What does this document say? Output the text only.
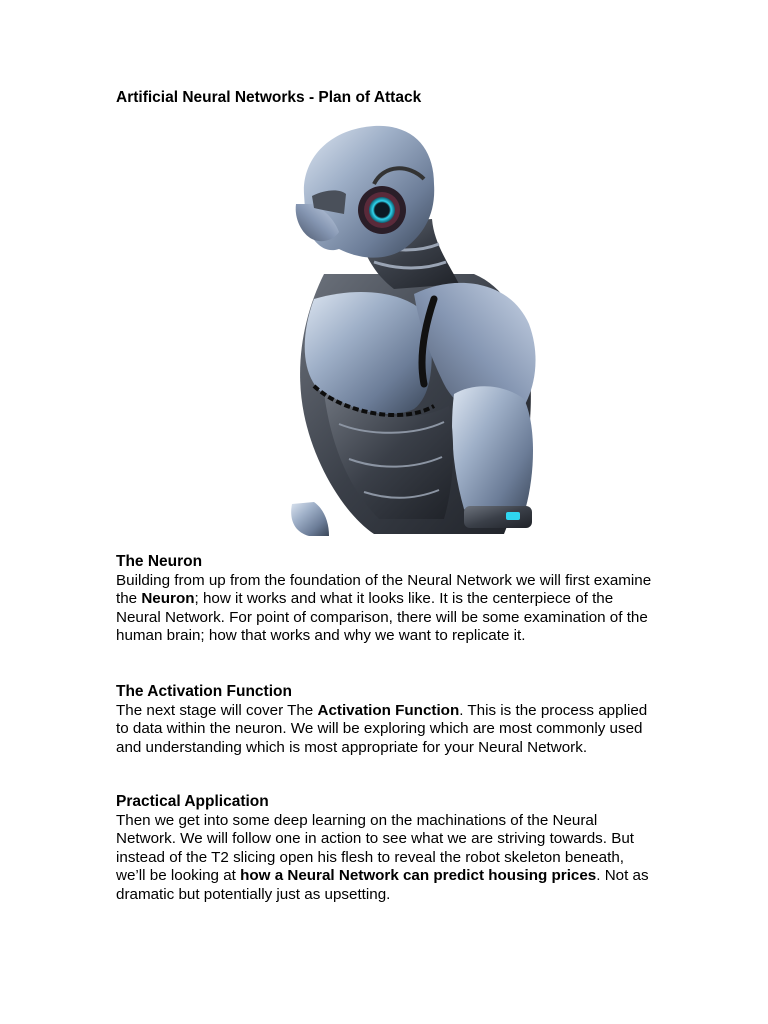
Artificial Neural Networks - Plan of Attack
The Neuron

Building from up from the foundation of the Neural Network we will first examine the Neuron; how it works and what it looks like. It is the centerpiece of the Neural Network. For point of comparison, there will be some examination of the human brain; how that works and why we want to replicate it.

The Activation Function

The next stage will cover The Activation Function. This is the process applied to data within the neuron. We will be exploring which are most commonly used and understanding which is most appropriate for your Neural Network.

Practical Application

Then we get into some deep learning on the machinations of the Neural Network. We will follow one in action to see what we are striving towards. But instead of the T2 slicing open his flesh to reveal the robot skeleton beneath, we’ll be looking at how a Neural Network can predict housing prices. Not as dramatic but potentially just as upsetting.
